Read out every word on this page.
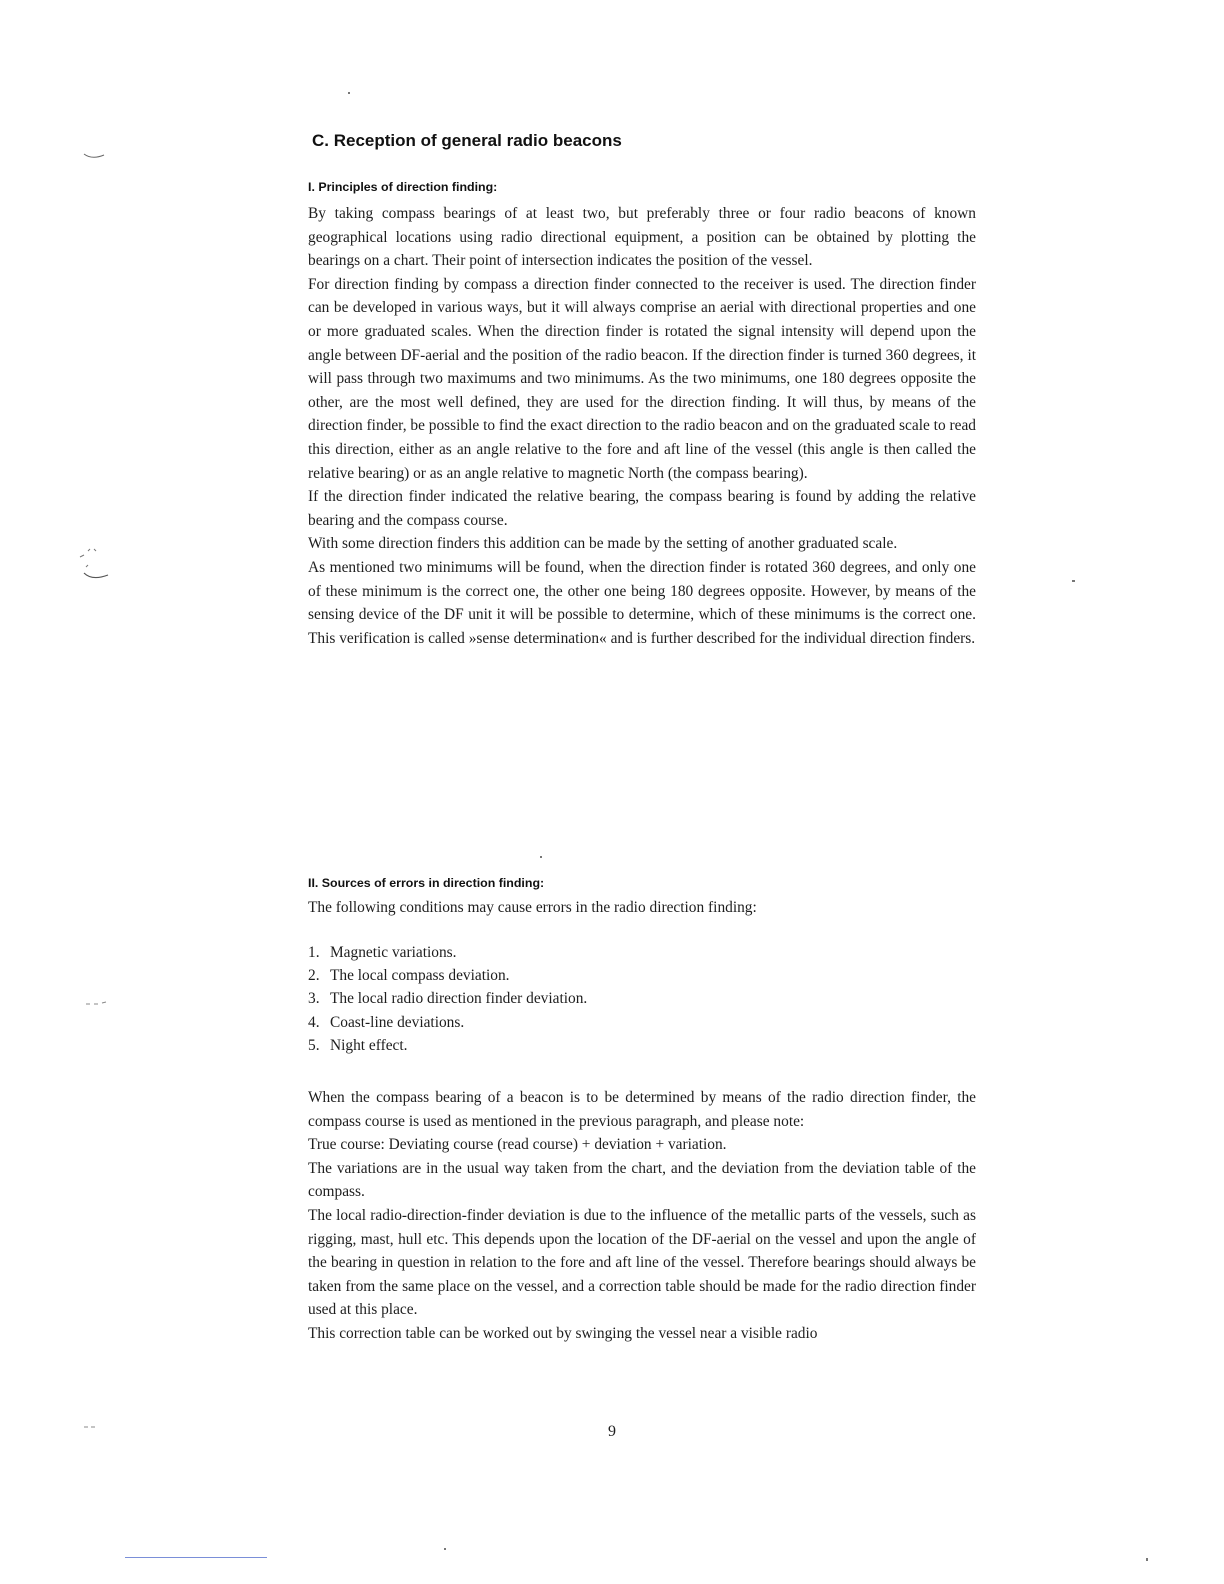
C. Reception of general radio beacons
I. Principles of direction finding:

By taking compass bearings of at least two, but preferably three or four radio beacons of known geographical locations using radio directional equipment, a position can be obtained by plotting the bearings on a chart. Their point of intersection indicates the position of the vessel.

For direction finding by compass a direction finder connected to the receiver is used. The direction finder can be developed in various ways, but it will always comprise an aerial with directional properties and one or more graduated scales. When the direction finder is rotated the signal intensity will depend upon the angle between DF-aerial and the position of the radio beacon. If the direction finder is turned 360 degrees, it will pass through two maximums and two minimums. As the two minimums, one 180 degrees opposite the other, are the most well defined, they are used for the direction finding. It will thus, by means of the direction finder, be possible to find the exact direction to the radio beacon and on the graduated scale to read this direction, either as an angle relative to the fore and aft line of the vessel (this angle is then called the relative bearing) or as an angle relative to magnetic North (the compass bearing).

If the direction finder indicated the relative bearing, the compass bearing is found by adding the relative bearing and the compass course.

With some direction finders this addition can be made by the setting of another graduated scale.

As mentioned two minimums will be found, when the direction finder is rotated 360 degrees, and only one of these minimum is the correct one, the other one being 180 degrees opposite. However, by means of the sensing device of the DF unit it will be possible to determine, which of these minimums is the correct one. This verification is called »sense determination« and is further described for the individual direction finders.

II. Sources of errors in direction finding:

The following conditions may cause errors in the radio direction finding:

1. Magnetic variations.
2. The local compass deviation.
3. The local radio direction finder deviation.
4. Coast-line deviations.
5. Night effect.

When the compass bearing of a beacon is to be determined by means of the radio direction finder, the compass course is used as mentioned in the previous paragraph, and please note:

True course: Deviating course (read course) + deviation + variation.

The variations are in the usual way taken from the chart, and the deviation from the deviation table of the compass.

The local radio-direction-finder deviation is due to the influence of the metallic parts of the vessels, such as rigging, mast, hull etc. This depends upon the location of the DF-aerial on the vessel and upon the angle of the bearing in question in relation to the fore and aft line of the vessel. Therefore bearings should always be taken from the same place on the vessel, and a correction table should be made for the radio direction finder used at this place.

This correction table can be worked out by swinging the vessel near a visible radio

9
